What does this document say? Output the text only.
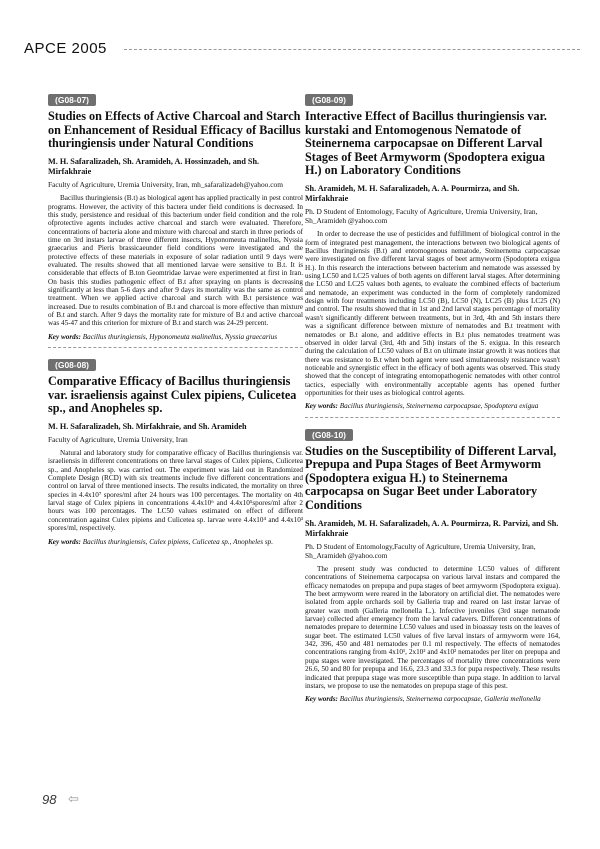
APCE 2005
(G08-07)
Studies on Effects of Active Charcoal and Starch on Enhancement of Residual Efficacy of Bacillus thuringiensis under Natural Conditions

M. H. Safaralizadeh, Sh. Aramideh, A. Hossinzadeh, and Sh. Mirfakhraie

Faculty of Agriculture, Uremia University, Iran, mh_safaralizadeh@yahoo.com

Bacillus thuringiensis (B.t) as biological agent has applied practically in pest control programs. However, the activity of this bactera under field conditions is decreased. In this study, persistence and residual of this bacterium under field condition and the role ofprotective agents includes active charcoal and starch were evaluated. Therefore, concentrations of bacteria alone and mixture with charcoal and starch in three periods of time on 3rd instars larvae of three different insects, Hyponomeuta malinellus, Nyssia graecarius and Pieris brassicaeunder field conditions were investigated and the protective effects of these materials in exposure of solar radiation until 9 days were evaluated. The results showed that all mentioned larvae were sensitive to B.t. It is considerable that effects of B.ton Geomtridae larvae were experimented at first in Iran. On basis this studies pathogenic effect of B.t after spraying on plants is decreasing significantly at less than 5-6 days and after 9 days its mortality was the same as control treatment. When we applied active charcoal and starch with B.t persistence was increased. Due to results combination of B.t and charcoal is more effective than mixture of B.t and starch. After 9 days the mortality rate for mixture of B.t and active charcoal was 45-47 and this criterion for mixture of B.t and starch was 24-29 percent.

Key words: Bacillus thuringiensis, Hyponomeuta malinellus, Nyssia graecarius

(G08-08)
Comparative Efficacy of Bacillus thuringiensis var. israeliensis against Culex pipiens, Culicetea sp., and Anopheles sp.

M. H. Safaralizadeh, Sh. Mirfakhraie, and Sh. Aramideh

Faculty of Agriculture, Uremia University, Iran

Natural and laboratory study for comparative efficacy of Bacillus thuringiensis var. israeliensis in different concentrations on three larval stages of Culex pipiens, Culicetea sp., and Anopheles sp. was carried out. The experiment was laid out in Randomized Complete Design (RCD) with six treatments include five different concentrations and control on larval of three mentioned insects. The results indicated, the mortality on three species in 4.4x10⁷ spores/ml after 24 hours was 100 percentages. The mortality on 4th larval stage of Culex pipiens in concentrations 4.4x10⁶ and 4.4x10⁵spores/ml after 2 hours was 100 percentages. The LC50 values estimated on effect of different concentration against Culex pipiens and Culicetea sp. larvae were 4.4x10⁴ and 4.4x10³ spores/ml, respectively.

Key words: Bacillus thuringiensis, Culex pipiens, Culicetea sp., Anopheles sp.

(G08-09)
Interactive Effect of Bacillus thuringiensis var. kurstaki and Entomogenous Nematode of Steinernema carpocapsae on Different Larval Stages of Beet Armyworm (Spodoptera exigua H.) on Laboratory Conditions

Sh. Aramideh, M. H. Safaralizadeh, A. A. Pourmirza, and Sh. Mirfakhraie

Ph. D Student of Entomology, Faculty of Agriculture, Uremia University, Iran, Sh_Aramideh @yahoo.com

In order to decrease the use of pesticides and fulfillment of biological control in the form of integrated pest management, the interactions between two biological agents of Bacillus thuringiensis (B.t) and entomogenous nematode, Steinernema carpocapsae were investigated on five different larval stages of beet armyworm (Spodoptera exigua H.). In this research the interactions between bacterium and nematode was assessed by using LC50 and LC25 values of both agents on different larval stages. After determining the LC50 and LC25 values both agents, to evaluate the combined effects of bacterium and nematode, an experiment was conducted in the form of completely randomized design with four treatments including LC50 (B), LC50 (N), LC25 (B) plus LC25 (N) and control. The results showed that in 1st and 2nd larval stages percentage of mortality wasn't significantly different between treatments, but in 3rd, 4th and 5th instars there was a significant difference between mixture of nematodes and B.t treatment with nematodes or B.t alone, and additive effects in B.t plus nematodes treatment was observed in older larval (3rd, 4th and 5th) instars of the S. exigua. In this research during the calculation of LC50 values of B.t on ultimate instar growth it was notices that there was resistance to B.t when both agent were used simultaneously resistance wasn't noticeable and synergistic effect in the efficacy of both agents was observed. This study showed that the concept of integrating entomopathogenic nematodes with other control tactics, especially with environmentally acceptable agents has opened further opportunities for their uses as biological control agents.

Key words: Bacillus thuringiensis, Steinernema carpocapsae, Spodoptera exigua

(G08-10)
Studies on the Susceptibility of Different Larval, Prepupa and Pupa Stages of Beet Armyworm (Spodoptera exigua H.) to Steinernema carpocapsa on Sugar Beet under Laboratory Conditions

Sh. Aramideh, M. H. Safaralizadeh, A. A. Pourmirza, R. Parvizi, and Sh. Mirfakhraie

Ph. D Student of Entomology,Faculty of Agriculture, Uremia University, Iran, Sh_Aramideh @yahoo.com

The present study was conducted to determine LC50 values of different concentrations of Steinernema carpocapsa on various larval instars and compared the efficacy nematodes on prepupa and pupa stages of beet armyworm (Spodoptera exigua). The beet armyworm were reared in the laboratory on artificial diet. The nematodes were isolated from apple orchards soil by Galleria trap and reared on last instar larvae of greater wax moth (Galleria mellonella L.). Infective juveniles (3rd stage nematode larvae) collected after emergency from the larval cadavers. Different concentrations of nematodes prepare to determine LC50 values and used in bioassay tests on the leaves of sugar beet. The estimated LC50 values of five larval instars of armyworm were 164, 342, 396, 450 and 481 nematodes per 0.1 ml respectively. The effects of nematodes concentrations ranging from 4x10¹, 2x10² and 4x10² nematodes per liter on prepupa and pupa stages were investigated. The percentages of mortality three concentrations were 26.6, 50 and 80 for prepupa and 16.6, 23.3 and 33.3 for pupa respectively. These results indicated that prepupa stage was more susceptible than pupa stage. In addition to larval instars, we propose to use the nematodes on prepupa stage of this pest.

Key words: Bacillus thuringiensis, Steinernema carpocapsae, Galleria mellonella

98 ⇦
